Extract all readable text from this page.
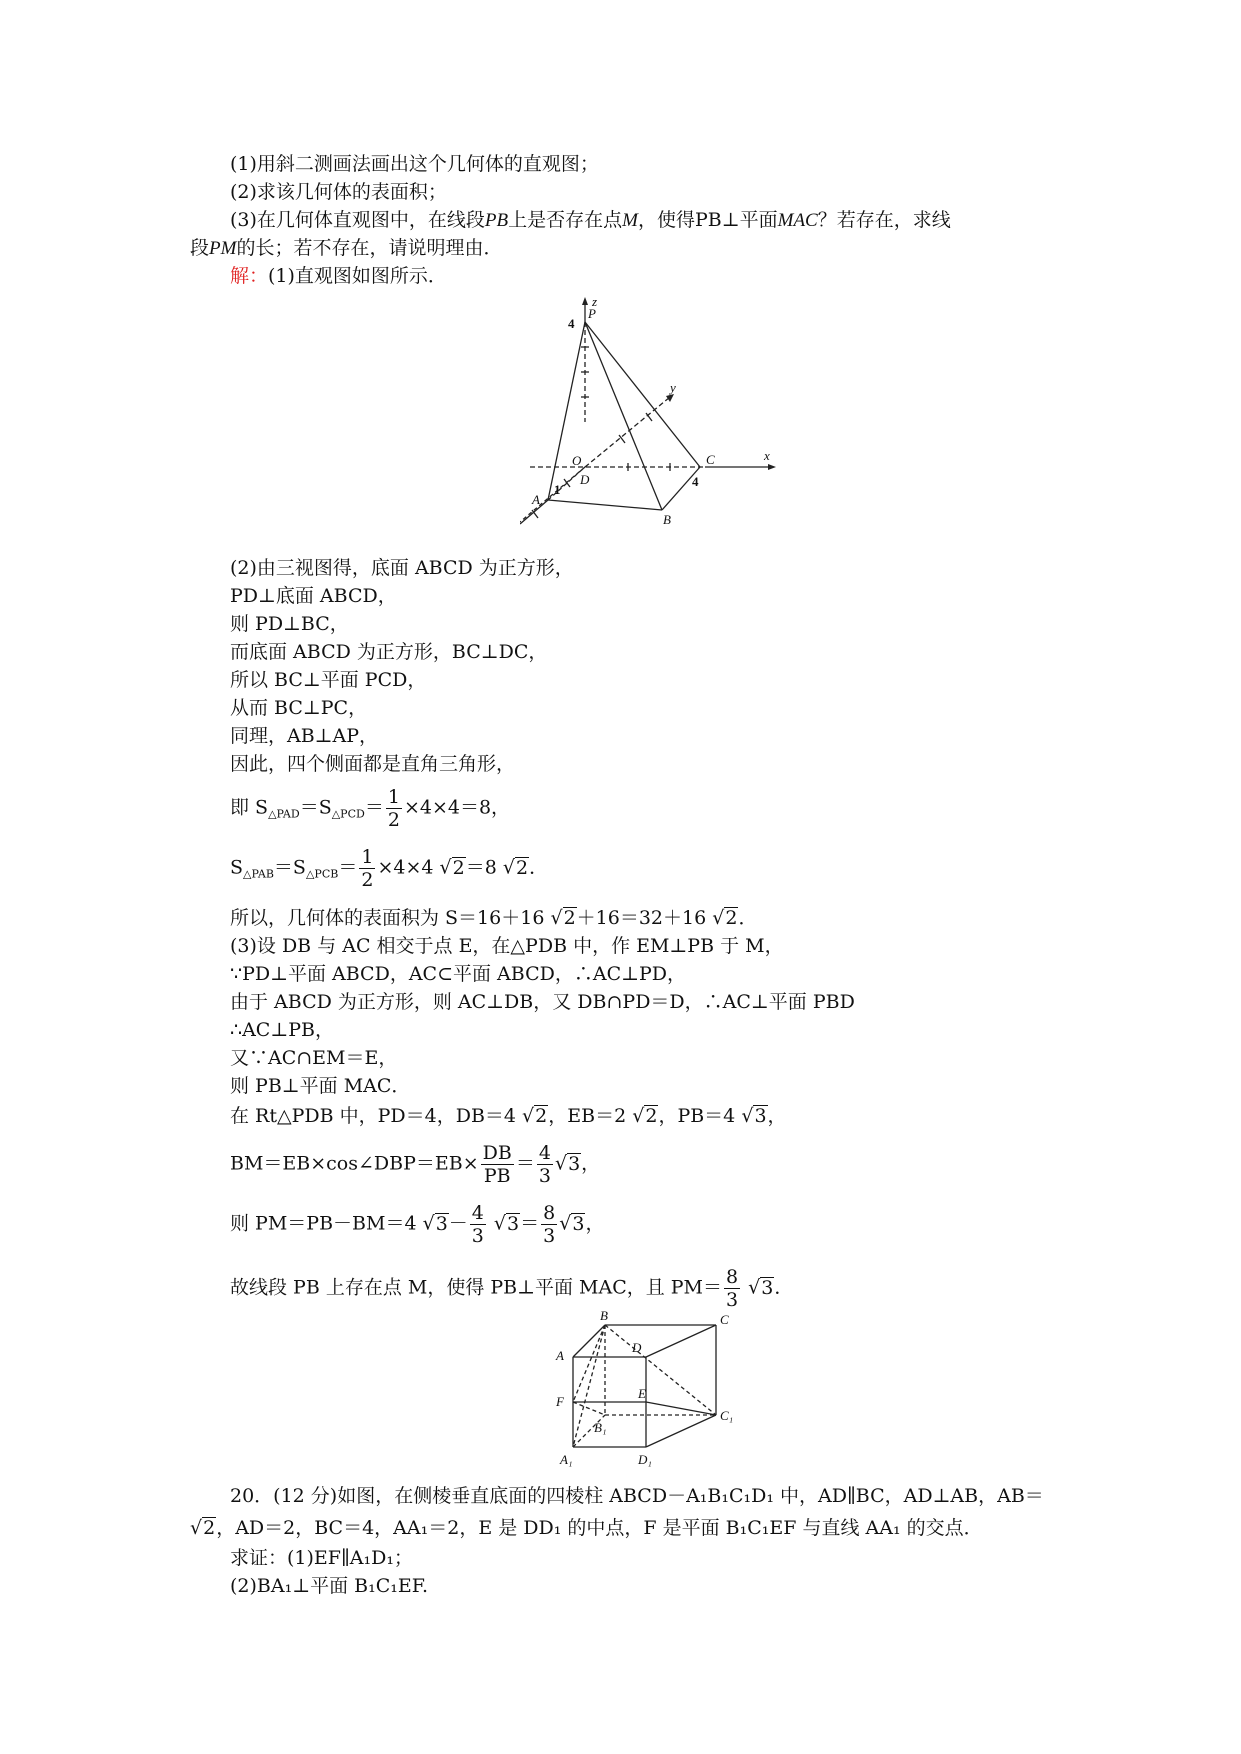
(1)用斜二测画法画出这个几何体的直观图；
(2)求该几何体的表面积；
(3)在几何体直观图中，在线段PB上是否存在点M，使得PB⊥平面MAC？若存在，求线
段PM的长；若不存在，请说明理由．
解：(1)直观图如图所示．
z
P
4
y
O	C	x
D
1
4
A
B
(2)由三视图得，底面 ABCD 为正方形，
PD⊥底面 ABCD，
则 PD⊥BC，
而底面 ABCD 为正方形，BC⊥DC，
所以 BC⊥平面 PCD，
从而 BC⊥PC，
同理，AB⊥AP，
因此，四个侧面都是直角三角形，
即 $S_{\triangle PAD}=S_{\triangle PCD}= \frac{1}{2} \times 4\times 4=8$，
$S_{\triangle PAB}=S_{\triangle PCB}= \frac{1}{2} \times 4\times 4$ √2＝8 √2．
所以，几何体的表面积为 S＝16＋16 √2＋16＝32＋16 √2．
(3)设 DB 与 AC 相交于点 E，在△PDB 中，作 EM⊥PB 于 M，
∵PD⊥平面 ABCD，AC⊂平面 ABCD，∴AC⊥PD，
由于 ABCD 为正方形，则 AC⊥DB，又 DB∩PD＝D，∴AC⊥平面 PBD
∴AC⊥PB，
又∵AC∩EM＝E，
则 PB⊥平面 MAC．
在 Rt△PDB 中，PD＝4，DB＝4 √2，EB＝2 √2，PB＝4 √3，
BM＝EB×cos∠DBP＝EB× $\frac{DB}{PB} = \frac{4}{3} √3$，
则 PM＝PB－BM＝4 $√3- \frac{4}{3} √3= \frac{8}{3} √3$，
故线段 PB 上存在点 M，使得 PB⊥平面 MAC，且 $PM= \frac{8}{3} √3$．
B	C
D
A
E
F
B₁
C₁
A₁	D₁
20．(12 分)如图，在侧棱垂直底面的四棱柱 ABCD－A₁B₁C₁D₁ 中，AD∥BC，AD⊥AB，AB＝
√2，AD＝2，BC＝4，AA₁＝2，E 是 DD₁ 的中点，F 是平面 B₁C₁EF 与直线 AA₁ 的交点．
求证：(1)EF∥A₁D₁；
(2)BA₁⊥平面 B₁C₁EF.
